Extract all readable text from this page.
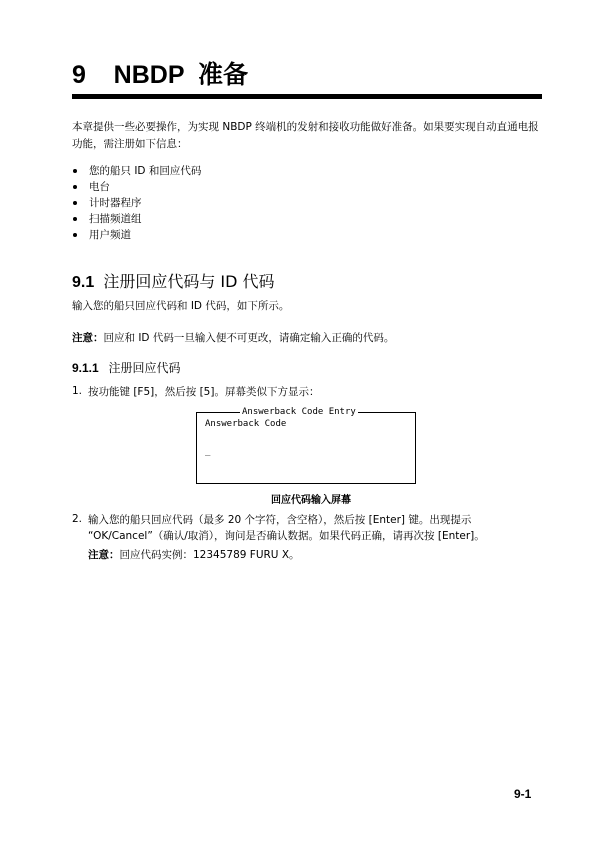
9    NBDP  准备
本章提供一些必要操作，为实现 NBDP 终端机的发射和接收功能做好准备。如果要实现自动直通电报功能，需注册如下信息：
您的船只 ID 和回应代码
电台
计时器程序
扫描频道组
用户频道
9.1 注册回应代码与 ID 代码
输入您的船只回应代码和 ID 代码，如下所示。
注意：回应和 ID 代码一旦输入便不可更改，请确定输入正确的代码。
9.1.1 注册回应代码
1. 按功能键 [F5]，然后按 [5]。屏幕类似下方显示：
Answerback Code Entry
Answerback Code
_
回应代码输入屏幕
2. 输入您的船只回应代码（最多 20 个字符，含空格），然后按 [Enter] 键。出现提示
“OK/Cancel”（确认/取消），询问是否确认数据。如果代码正确，请再次按 [Enter]。
注意：回应代码实例：12345789 FURU X。
9-1
